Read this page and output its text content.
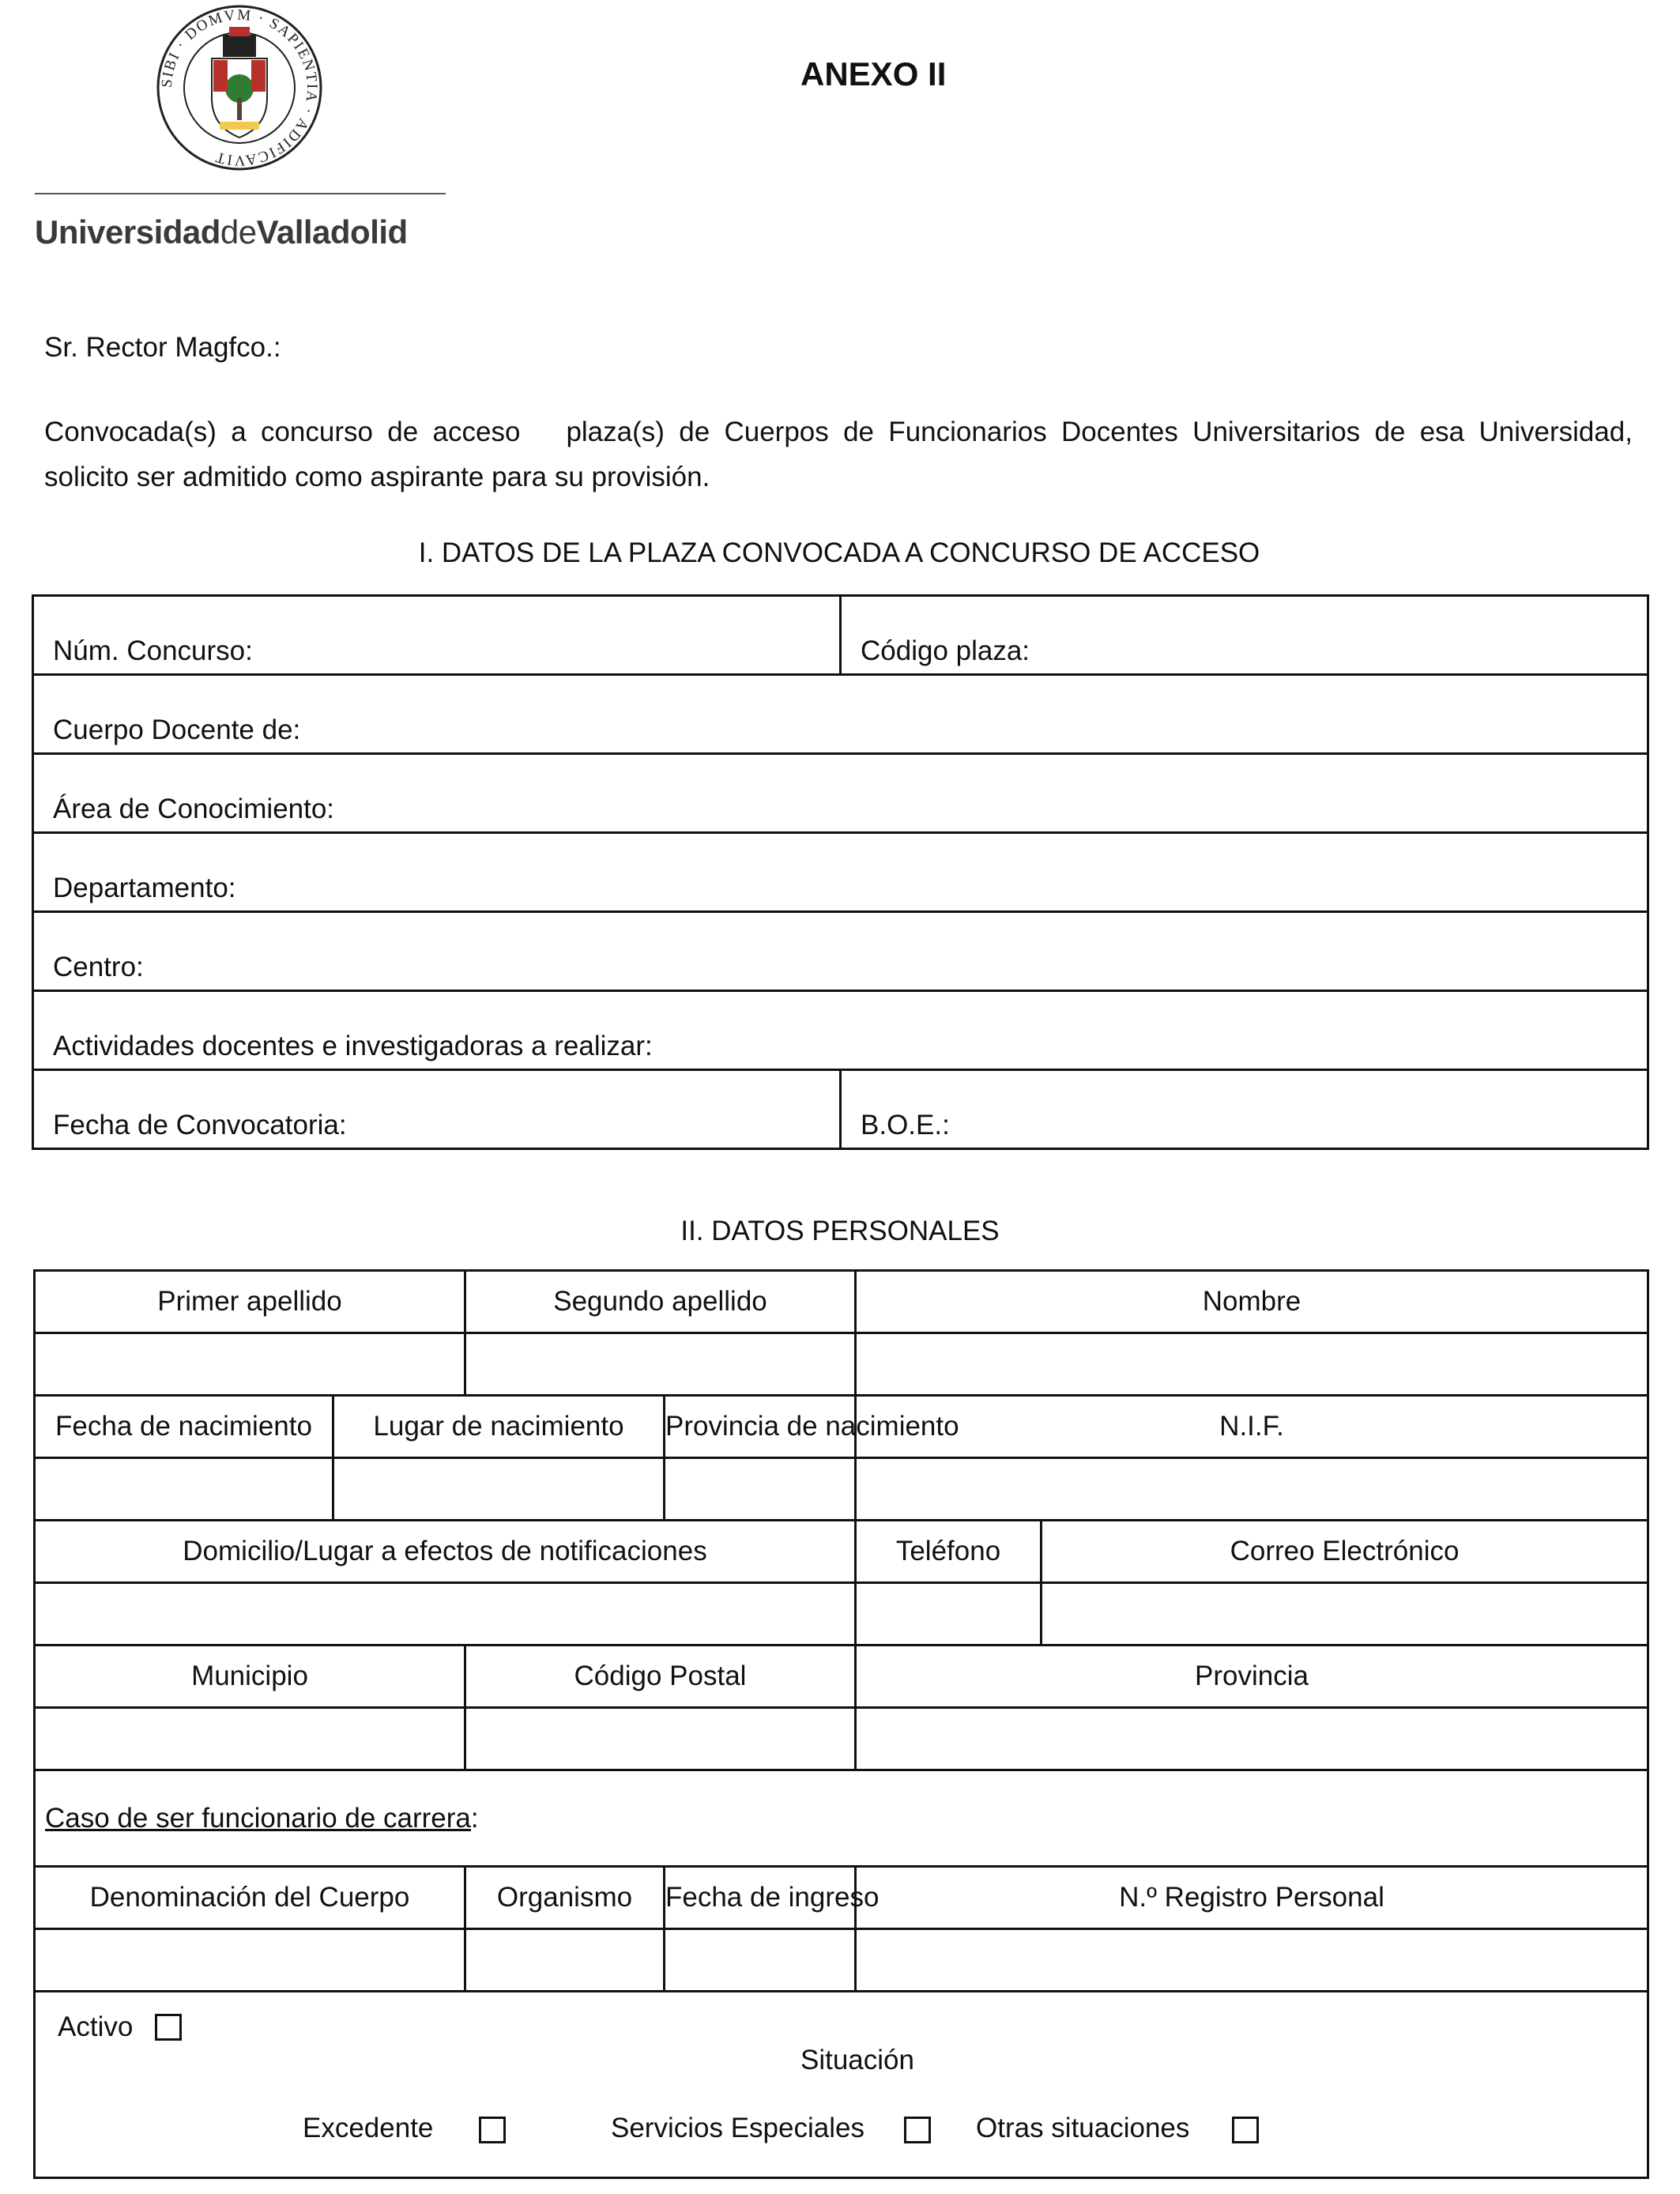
SIBI · DOMVM · SAPIENTIA · ADIFICAVIT
UniversidaddeValladolid
ANEXO II
Sr. Rector Magfco.:
Convocada(s) a concurso de acceso plaza(s) de Cuerpos de Funcionarios Docentes Universitarios de esa Universidad, solicito ser admitido como aspirante para su provisión.
I. DATOS DE LA PLAZA CONVOCADA A CONCURSO DE ACCESO
Núm. Concurso:	Código plaza:
Cuerpo Docente de:	
Área de Conocimiento:	
Departamento:	
Centro:	
Actividades docentes e investigadoras a realizar:	
Fecha de Convocatoria:	B.O.E.:
II. DATOS PERSONALES
Primer apellido		Segundo apellido		Nombre	

Fecha de nacimiento	Lugar de nacimiento		Provincia de nacimiento	N.I.F.	

Domicilio/Lugar a efectos de notificaciones				Teléfono	Correo Electrónico

Municipio		Código Postal		Provincia	

Caso de ser funcionario de carrera:					
Denominación del Cuerpo		Organismo	Fecha de ingreso	N.º Registro Personal	

Activo
Situación
Excedente Servicios Especiales Otras situaciones					
